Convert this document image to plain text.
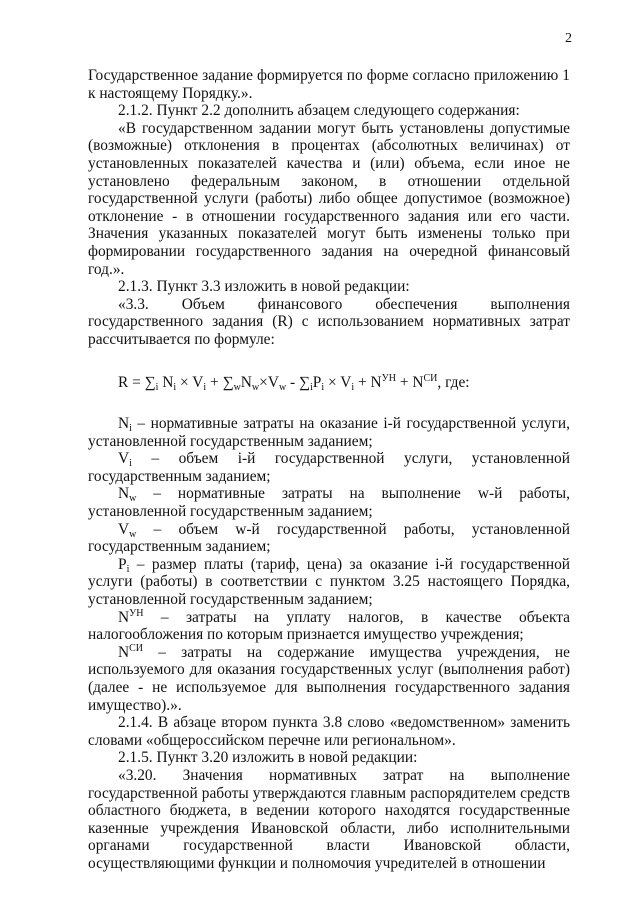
2

Государственное задание формируется по форме согласно приложению 1 к настоящему Порядку.».

2.1.2. Пункт 2.2 дополнить абзацем следующего содержания:

«В государственном задании могут быть установлены допустимые (возможные) отклонения в процентах (абсолютных величинах) от установленных показателей качества и (или) объема, если иное не установлено федеральным законом, в отношении отдельной государственной услуги (работы) либо общее допустимое (возможное) отклонение - в отношении государственного задания или его части. Значения указанных показателей могут быть изменены только при формировании государственного задания на очередной финансовый год.».

2.1.3. Пункт 3.3 изложить в новой редакции:

«3.3. Объем финансового обеспечения выполнения государственного задания (R) с использованием нормативных затрат рассчитывается по формуле:

$R = \sum_i$ $N_i \times V_i + \sum_wN_w\times V_w - \sum_iP_i \times V_i + N^{УН} + N^{СИ}$, где:

$N_i$ – нормативные затраты на оказание i-й государственной услуги, установленной государственным заданием;

$V_i$ – объем i-й государственной услуги, установленной государственным заданием;

$N_w$ – нормативные затраты на выполнение w-й работы, установленной государственным заданием;

$V_w$ – объем w-й государственной работы, установленной государственным заданием;

$P_i$ – размер платы (тариф, цена) за оказание i-й государственной услуги (работы) в соответствии с пунктом 3.25 настоящего Порядка, установленной государственным заданием;

$N^{УН}$ – затраты на уплату налогов, в качестве объекта налогообложения по которым признается имущество учреждения;

$N^{СИ}$ – затраты на содержание имущества учреждения, не используемого для оказания государственных услуг (выполнения работ) (далее - не используемое для выполнения государственного задания имущество).».

2.1.4. В абзаце втором пункта 3.8 слово «ведомственном» заменить словами «общероссийском перечне или региональном».

2.1.5. Пункт 3.20 изложить в новой редакции:

«3.20. Значения нормативных затрат на выполнение государственной работы утверждаются главным распорядителем средств областного бюджета, в ведении которого находятся государственные казенные учреждения Ивановской области, либо исполнительными органами государственной власти Ивановской области, осуществляющими функции и полномочия учредителей в отношении
